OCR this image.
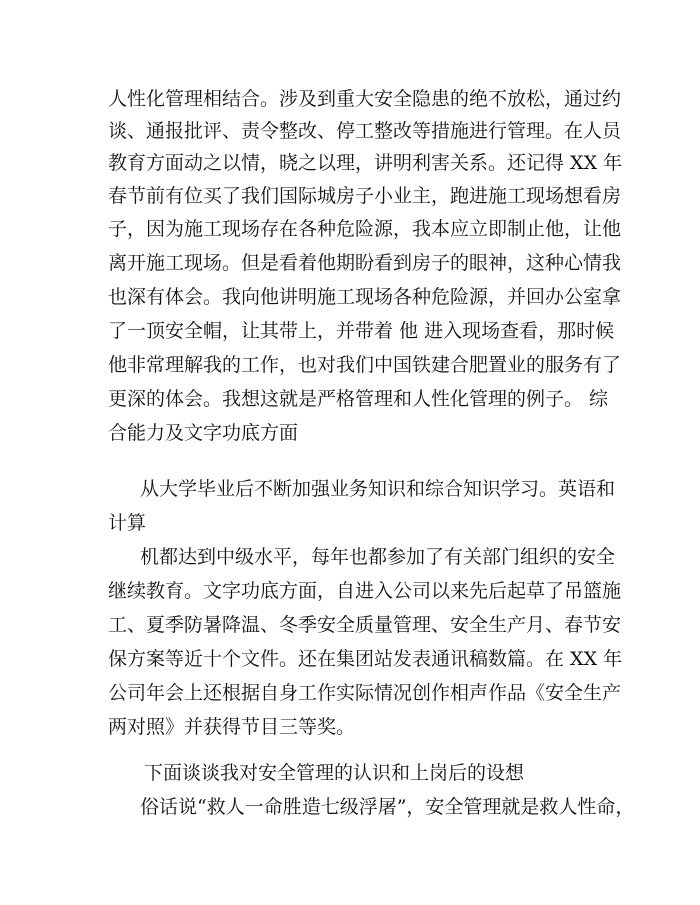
人性化管理相结合。涉及到重大安全隐患的绝不放松，通过约
谈、通报批评、责令整改、停工整改等措施进行管理。在人员
教育方面动之以情，晓之以理，讲明利害关系。还记得 XX 年
春节前有位买了我们国际城房子小业主，跑进施工现场想看房
子，因为施工现场存在各种危险源，我本应立即制止他，让他
离开施工现场。但是看着他期盼看到房子的眼神，这种心情我
也深有体会。我向他讲明施工现场各种危险源，并回办公室拿
了一顶安全帽，让其带上，并带着 他 进入现场查看，那时候
他非常理解我的工作，也对我们中国铁建合肥置业的服务有了
更深的体会。我想这就是严格管理和人性化管理的例子。 综
合能力及文字功底方面
从大学毕业后不断加强业务知识和综合知识学习。英语和
计算
机都达到中级水平，每年也都参加了有关部门组织的安全
继续教育。文字功底方面，自进入公司以来先后起草了吊篮施
工、夏季防暑降温、冬季安全质量管理、安全生产月、春节安
保方案等近十个文件。还在集团站发表通讯稿数篇。在 XX 年
公司年会上还根据自身工作实际情况创作相声作品《安全生产
两对照》并获得节目三等奖。
下面谈谈我对安全管理的认识和上岗后的设想
俗话说“救人一命胜造七级浮屠”，安全管理就是救人性命，
